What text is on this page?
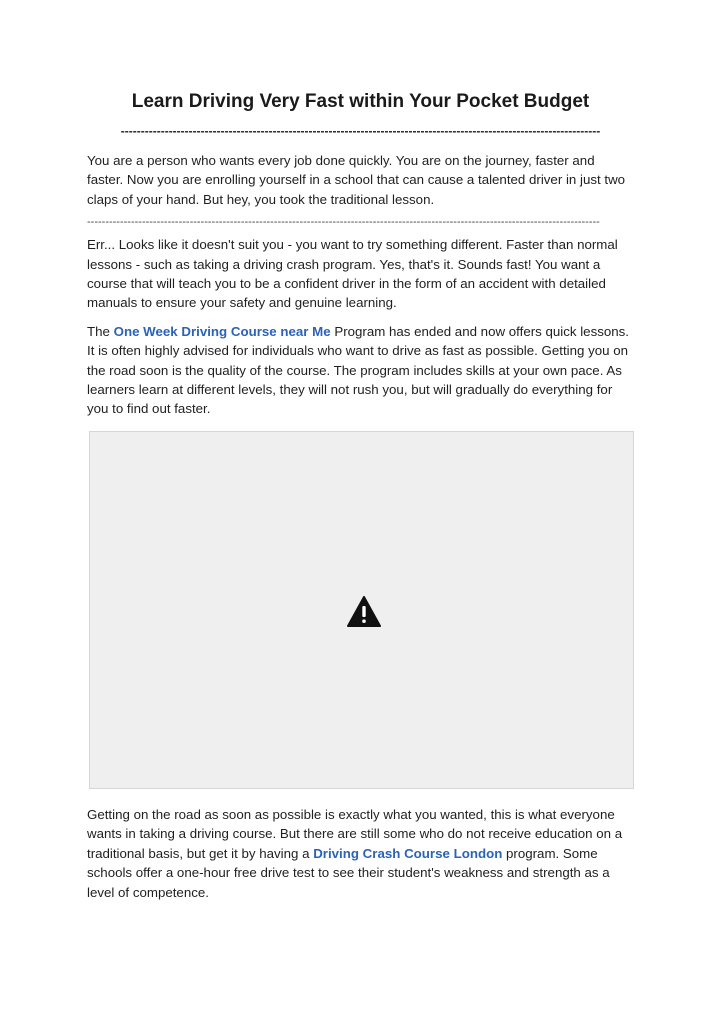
Learn Driving Very Fast within Your Pocket Budget
------------------------------------------------------------------------------------------------------------------------

You are a person who wants every job done quickly. You are on the journey, faster and faster. Now you are enrolling yourself in a school that can cause a talented driver in just two claps of your hand. But hey, you took the traditional lesson.

--------------------------------------------------------------------------------------------------------------------------------------------

Err... Looks like it doesn't suit you - you want to try something different. Faster than normal lessons - such as taking a driving crash program. Yes, that's it. Sounds fast! You want a course that will teach you to be a confident driver in the form of an accident with detailed manuals to ensure your safety and genuine learning.

The One Week Driving Course near Me Program has ended and now offers quick lessons. It is often highly advised for individuals who want to drive as fast as possible. Getting you on the road soon is the quality of the course. The program includes skills at your own pace. As learners learn at different levels, they will not rush you, but will gradually do everything for you to find out faster.

Getting on the road as soon as possible is exactly what you wanted, this is what everyone wants in taking a driving course. But there are still some who do not receive education on a traditional basis, but get it by having a Driving Crash Course London program. Some schools offer a one-hour free drive test to see their student's weakness and strength as a level of competence.
